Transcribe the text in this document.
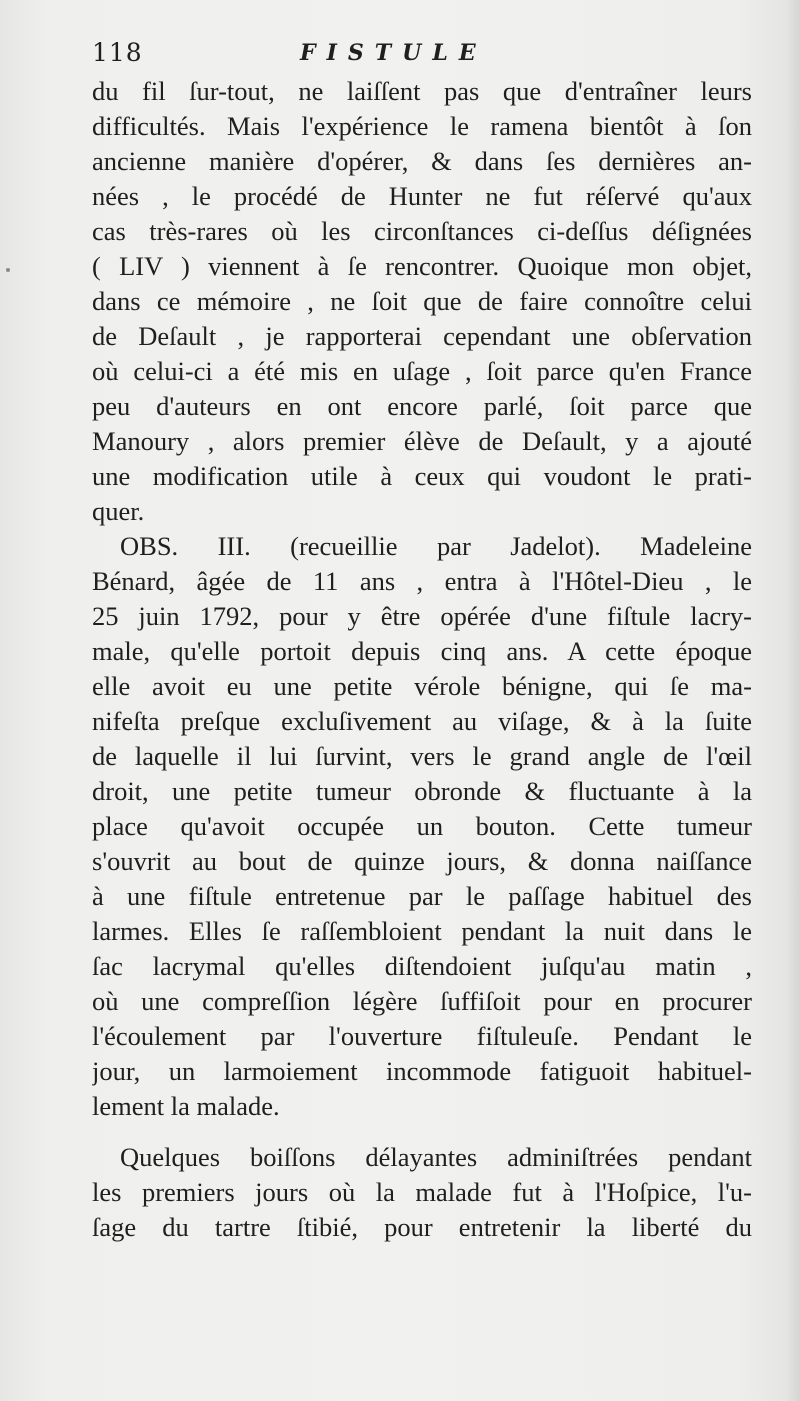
118	FISTULE
du fil ſur-tout, ne laiſſent pas que d'entraîner leurs
difficultés. Mais l'expérience le ramena bientôt à ſon
ancienne manière d'opérer, & dans ſes dernières an-
nées , le procédé de Hunter ne fut réſervé qu'aux
cas très-rares où les circonſtances ci-deſſus déſignées
( LIV ) viennent à ſe rencontrer. Quoique mon objet,
dans ce mémoire , ne ſoit que de faire connoître celui
de Deſault , je rapporterai cependant une obſervation
où celui-ci a été mis en uſage , ſoit parce qu'en France
peu d'auteurs en ont encore parlé, ſoit parce que
Manoury , alors premier élève de Deſault, y a ajouté
une modification utile à ceux qui voudont le prati-
quer.
OBS. III. (recueillie par Jadelot). Madeleine
Bénard, âgée de 11 ans , entra à l'Hôtel-Dieu , le
25 juin 1792, pour y être opérée d'une fiſtule lacry-
male, qu'elle portoit depuis cinq ans. A cette époque
elle avoit eu une petite vérole bénigne, qui ſe ma-
nifeſta preſque excluſivement au viſage, & à la ſuite
de laquelle il lui ſurvint, vers le grand angle de l'œil
droit, une petite tumeur obronde & fluctuante à la
place qu'avoit occupée un bouton. Cette tumeur
s'ouvrit au bout de quinze jours, & donna naiſſance
à une fiſtule entretenue par le paſſage habituel des
larmes. Elles ſe raſſembloient pendant la nuit dans le
ſac lacrymal qu'elles diſtendoient juſqu'au matin ,
où une compreſſion légère ſuffiſoit pour en procurer
l'écoulement par l'ouverture fiſtuleuſe. Pendant le
jour, un larmoiement incommode fatiguoit habituel-
lement la malade.
Quelques boiſſons délayantes adminiſtrées pendant
les premiers jours où la malade fut à l'Hoſpice, l'u-
ſage du tartre ſtibié, pour entretenir la liberté du
